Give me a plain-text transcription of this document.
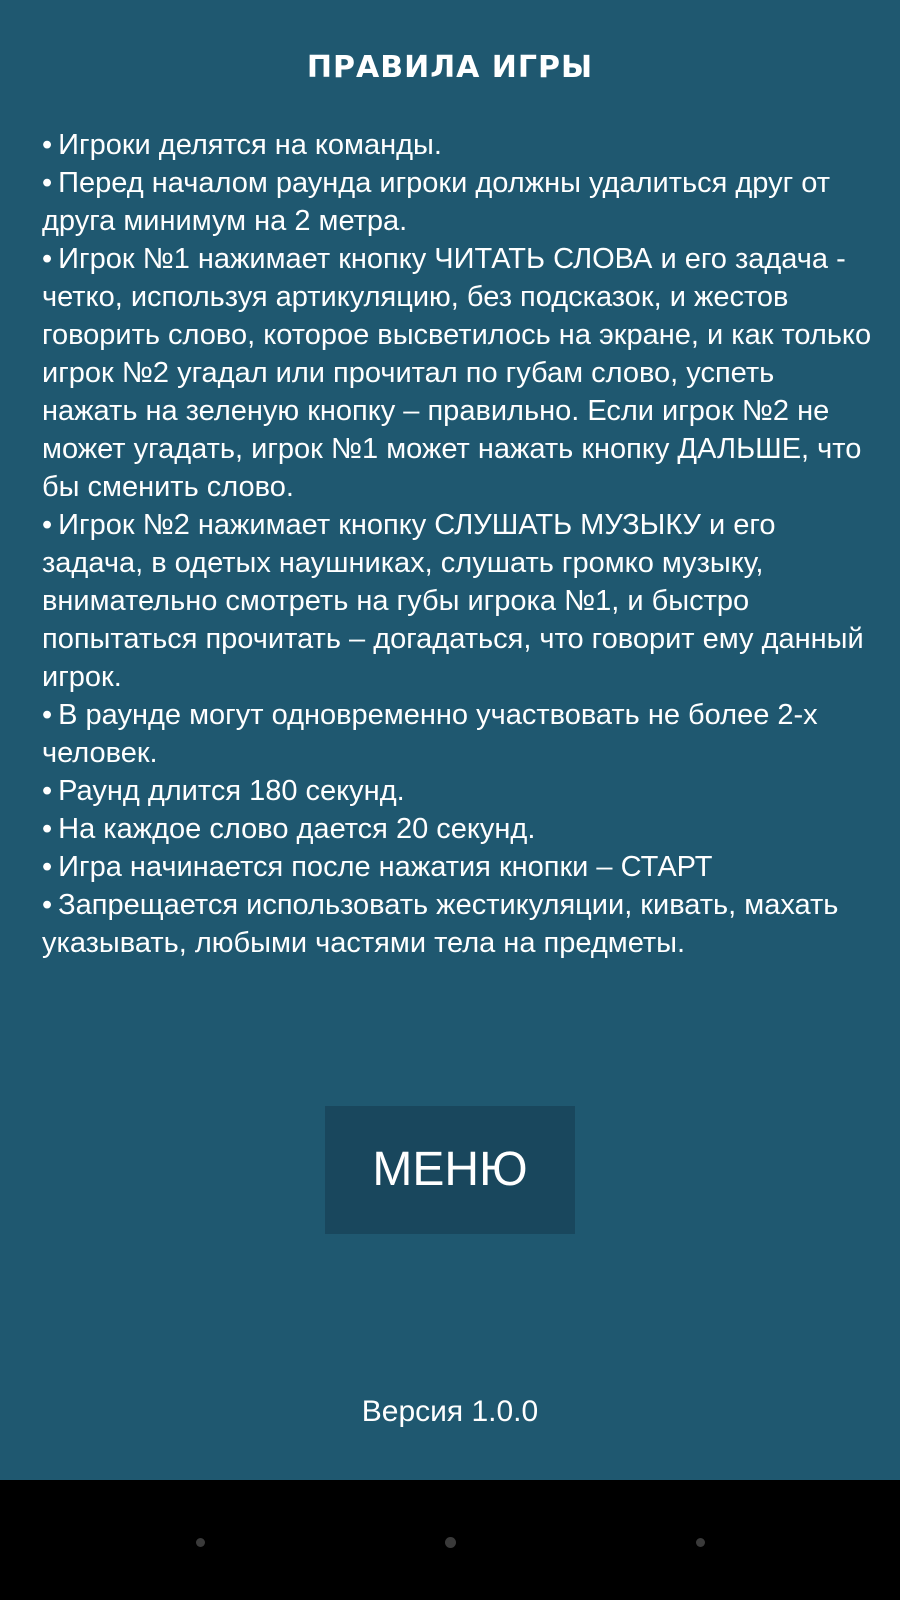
ПРАВИЛА ИГРЫ
• Игроки делятся на команды.
• Перед началом раунда игроки должны удалиться друг от друга минимум на 2 метра.
• Игрок №1 нажимает кнопку ЧИТАТЬ СЛОВА и его задача - четко, используя артикуляцию, без подсказок, и жестов говорить слово, которое высветилось на экране, и как только игрок №2 угадал или прочитал по губам слово, успеть нажать на зеленую кнопку – правильно. Если игрок №2 не может угадать, игрок №1 может нажать кнопку ДАЛЬШЕ, что бы сменить слово.
• Игрок №2 нажимает кнопку СЛУШАТЬ МУЗЫКУ и его задача, в одетых наушниках, слушать громко музыку, внимательно смотреть на губы игрока №1, и быстро попытаться прочитать – догадаться, что говорит ему данный игрок.
• В раунде могут одновременно участвовать не более 2-х человек.
• Раунд длится 180 секунд.
• На каждое слово дается 20 секунд.
• Игра начинается после нажатия кнопки – СТАРТ
• Запрещается использовать жестикуляции, кивать, махать указывать, любыми частями тела на предметы.
МЕНЮ
Версия 1.0.0
